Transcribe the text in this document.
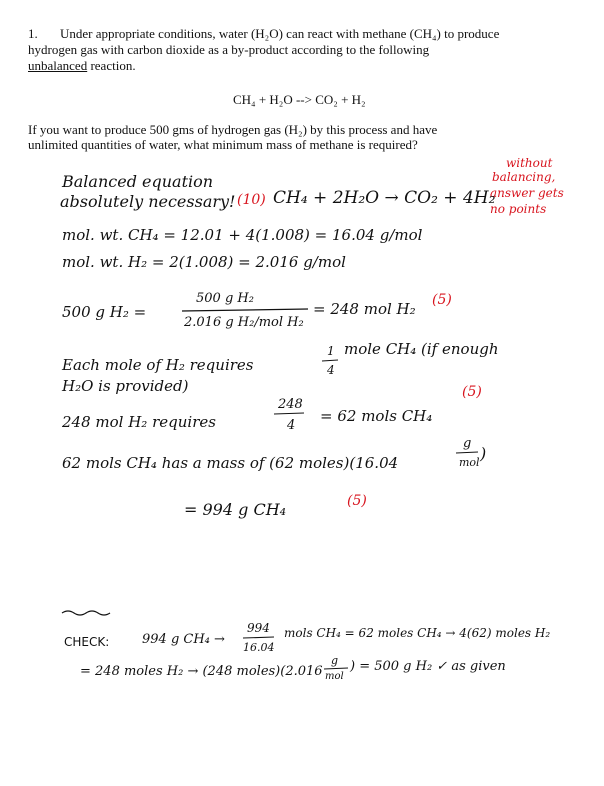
1. Under appropriate conditions, water (H₂O) can react with methane (CH₄) to produce
hydrogen gas with carbon dioxide as a by-product according to the following
unbalanced reaction.
CH₄ + H₂O --> CO₂ + H₂
If you want to produce 500 gms of hydrogen gas (H₂) by this process and have
unlimited quantities of water, what minimum mass of methane is required?
without
balancing,
answer gets
no points
Balanced equation
absolutely necessary! (10) CH₄ + 2H₂O → CO₂ + 4H₂
mol. wt. CH₄ = 12.01 + 4(1.008) = 16.04 g/mol
mol. wt. H₂ = 2(1.008) = 2.016 g/mol
500 g H₂ =
500 g H₂
2.016 g H₂/mol H₂
= 248 mol H₂ (5)
Each mole of H₂ requires
1
4
mole CH₄ (if enough
H₂O is provided)
248 mol H₂ requires
248
4
= 62 mols CH₄
(5)
62 mols CH₄ has a mass of (62 moles)(16.04
g
mol )
= 994 g CH₄	(5)
CHECK:	994 g CH₄ →
994
16.04
mols CH₄ = 62 moles CH₄ → 4(62) moles H₂
= 248 moles H₂ → (248 moles)(2.016
g
mol
) = 500 g H₂ ✓ as given
